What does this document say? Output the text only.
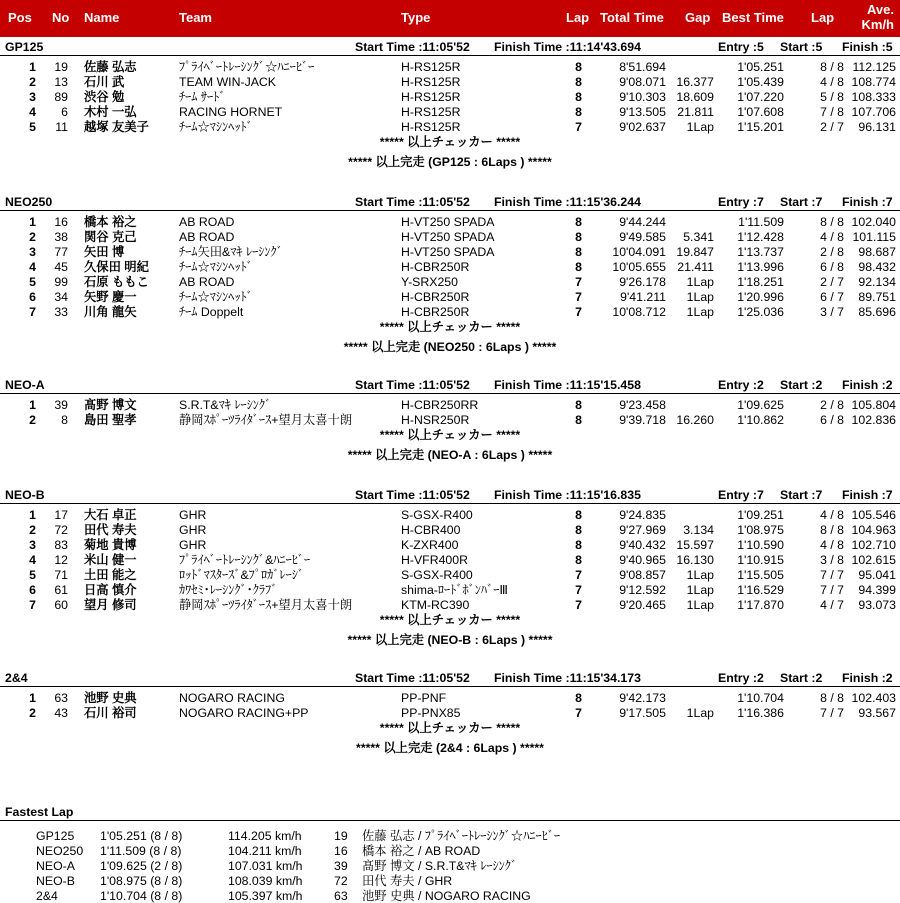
Pos No Name	Team	Type	Lap Total Time Gap Best Time Lap
Ave.
Km/h
GP125	Start Time :11:05'52 Finish Time :11:14'43.694	Entry :5 Start :5 Finish :5
1	19 佐藤 弘志	ﾌﾟﾗｲﾍﾞｰﾄﾚｰｼﾝｸﾞ☆ﾊﾆｰﾋﾞｰ	H-RS125R	8	8'51.694	1'05.251	8 / 8 112.125
2	13 石川 武	TEAM WIN-JACK	H-RS125R	8	9'08.071 16.377	1'05.439	4 / 8 108.774
3	89 渋谷 勉	ﾁｰﾑ ｻｰﾄﾞ	H-RS125R	8	9'10.303 18.609	1'07.220	5 / 8 108.333
4	6 木村 一弘	RACING HORNET	H-RS125R	8	9'13.505 21.811	1'07.608	7 / 8 107.706
5	11 越塚 友美子 ﾁｰﾑ☆ﾏｼﾝﾍｯﾄﾞ	H-RS125R	7	9'02.637	1Lap	1'15.201	2 / 7	96.131
***** 以上チェッカー *****
***** 以上完走 (GP125 : 6Laps ) *****
NEO250	Start Time :11:05'52 Finish Time :11:15'36.244	Entry :7 Start :7 Finish :7
1	16 橋本 裕之	AB ROAD	H-VT250 SPADA	8	9'44.244	1'11.509	8 / 8 102.040
2	38 関谷 克己	AB ROAD	H-VT250 SPADA	8	9'49.585	5.341	1'12.428	4 / 8 101.115
3	77 矢田 博	ﾁｰﾑ矢田&ﾏｷ ﾚｰｼﾝｸﾞ	H-VT250 SPADA	8	10'04.091 19.847	1'13.737	2 / 8	98.687
4	45 久保田 明紀 ﾁｰﾑ☆ﾏｼﾝﾍｯﾄﾞ	H-CBR250R	8	10'05.655 21.411	1'13.996	6 / 8	98.432
5	99 石原 ももこ AB ROAD	Y-SRX250	7	9'26.178	1Lap	1'18.251	2 / 7	92.134
6	34 矢野 慶一	ﾁｰﾑ☆ﾏｼﾝﾍｯﾄﾞ	H-CBR250R	7	9'41.211	1Lap	1'20.996	6 / 7	89.751
7	33 川角 龍矢	ﾁｰﾑ Doppelt	H-CBR250R	7	10'08.712	1Lap	1'25.036	3 / 7	85.696
***** 以上チェッカー *****
***** 以上完走 (NEO250 : 6Laps ) *****
NEO-A	Start Time :11:05'52 Finish Time :11:15'15.458	Entry :2 Start :2 Finish :2
1	39 髙野 博文	S.R.T&ﾏｷ ﾚｰｼﾝｸﾞ	H-CBR250RR	8	9'23.458	1'09.625	2 / 8 105.804
2	8 島田 聖孝	静岡ｽﾎﾟｰﾂﾗｲﾀﾞｰｽ+望月太喜十朗	H-NSR250R	8	9'39.718 16.260	1'10.862	6 / 8 102.836
***** 以上チェッカー *****
***** 以上完走 (NEO-A : 6Laps ) *****
NEO-B	Start Time :11:05'52 Finish Time :11:15'16.835	Entry :7 Start :7 Finish :7
1	17 大石 卓正	GHR	S-GSX-R400	8	9'24.835	1'09.251	4 / 8 105.546
2	72 田代 寿夫	GHR	H-CBR400	8	9'27.969	3.134	1'08.975	8 / 8 104.963
3	83 菊地 貴博	GHR	K-ZXR400	8	9'40.432 15.597	1'10.590	4 / 8 102.710
4	12 米山 健一	ﾌﾟﾗｲﾍﾞｰﾄﾚｰｼﾝｸﾞ&ﾊﾆｰﾋﾞｰ	H-VFR400R	8	9'40.965 16.130	1'10.915	3 / 8 102.615
5	71 土田 能之	ﾛｯﾄﾞﾏｽﾀｰｽﾞ&ﾌﾟﾛｶﾞﾚｰｼﾞ	S-GSX-R400	7	9'08.857	1Lap	1'15.505	7 / 7	95.041
6	61 日高 慎介	ｶﾜｾﾐ･ﾚｰｼﾝｸﾞ･ｸﾗﾌﾞ	shima-ﾛｰﾄﾞﾎﾞﾝﾊﾞｰⅢ	7	9'12.592	1Lap	1'16.529	7 / 7	94.399
7	60 望月 修司	静岡ｽﾎﾟｰﾂﾗｲﾀﾞｰｽ+望月太喜十朗	KTM-RC390	7	9'20.465	1Lap	1'17.870	4 / 7	93.073
***** 以上チェッカー *****
***** 以上完走 (NEO-B : 6Laps ) *****
2&4	Start Time :11:05'52 Finish Time :11:15'34.173	Entry :2 Start :2 Finish :2
1	63 池野 史典	NOGARO RACING	PP-PNF	8	9'42.173	1'10.704	8 / 8 102.403
2	43 石川 裕司	NOGARO RACING+PP	PP-PNX85	7	9'17.505	1Lap	1'16.386	7 / 7	93.567
***** 以上チェッカー *****
***** 以上完走 (2&4 : 6Laps ) *****
Fastest Lap
GP125 1'05.251 (8 / 8)	114.205 km/h	19 佐藤 弘志 / ﾌﾟﾗｲﾍﾞｰﾄﾚｰｼﾝｸﾞ☆ﾊﾆｰﾋﾞｰ
NEO250 1'11.509 (8 / 8)	104.211 km/h	16 橋本 裕之 / AB ROAD
NEO-A 1'09.625 (2 / 8)	107.031 km/h	39 髙野 博文 / S.R.T&ﾏｷ ﾚｰｼﾝｸﾞ
NEO-B 1'08.975 (8 / 8)	108.039 km/h	72 田代 寿夫 / GHR
2&4	1'10.704 (8 / 8)	105.397 km/h	63 池野 史典 / NOGARO RACING
